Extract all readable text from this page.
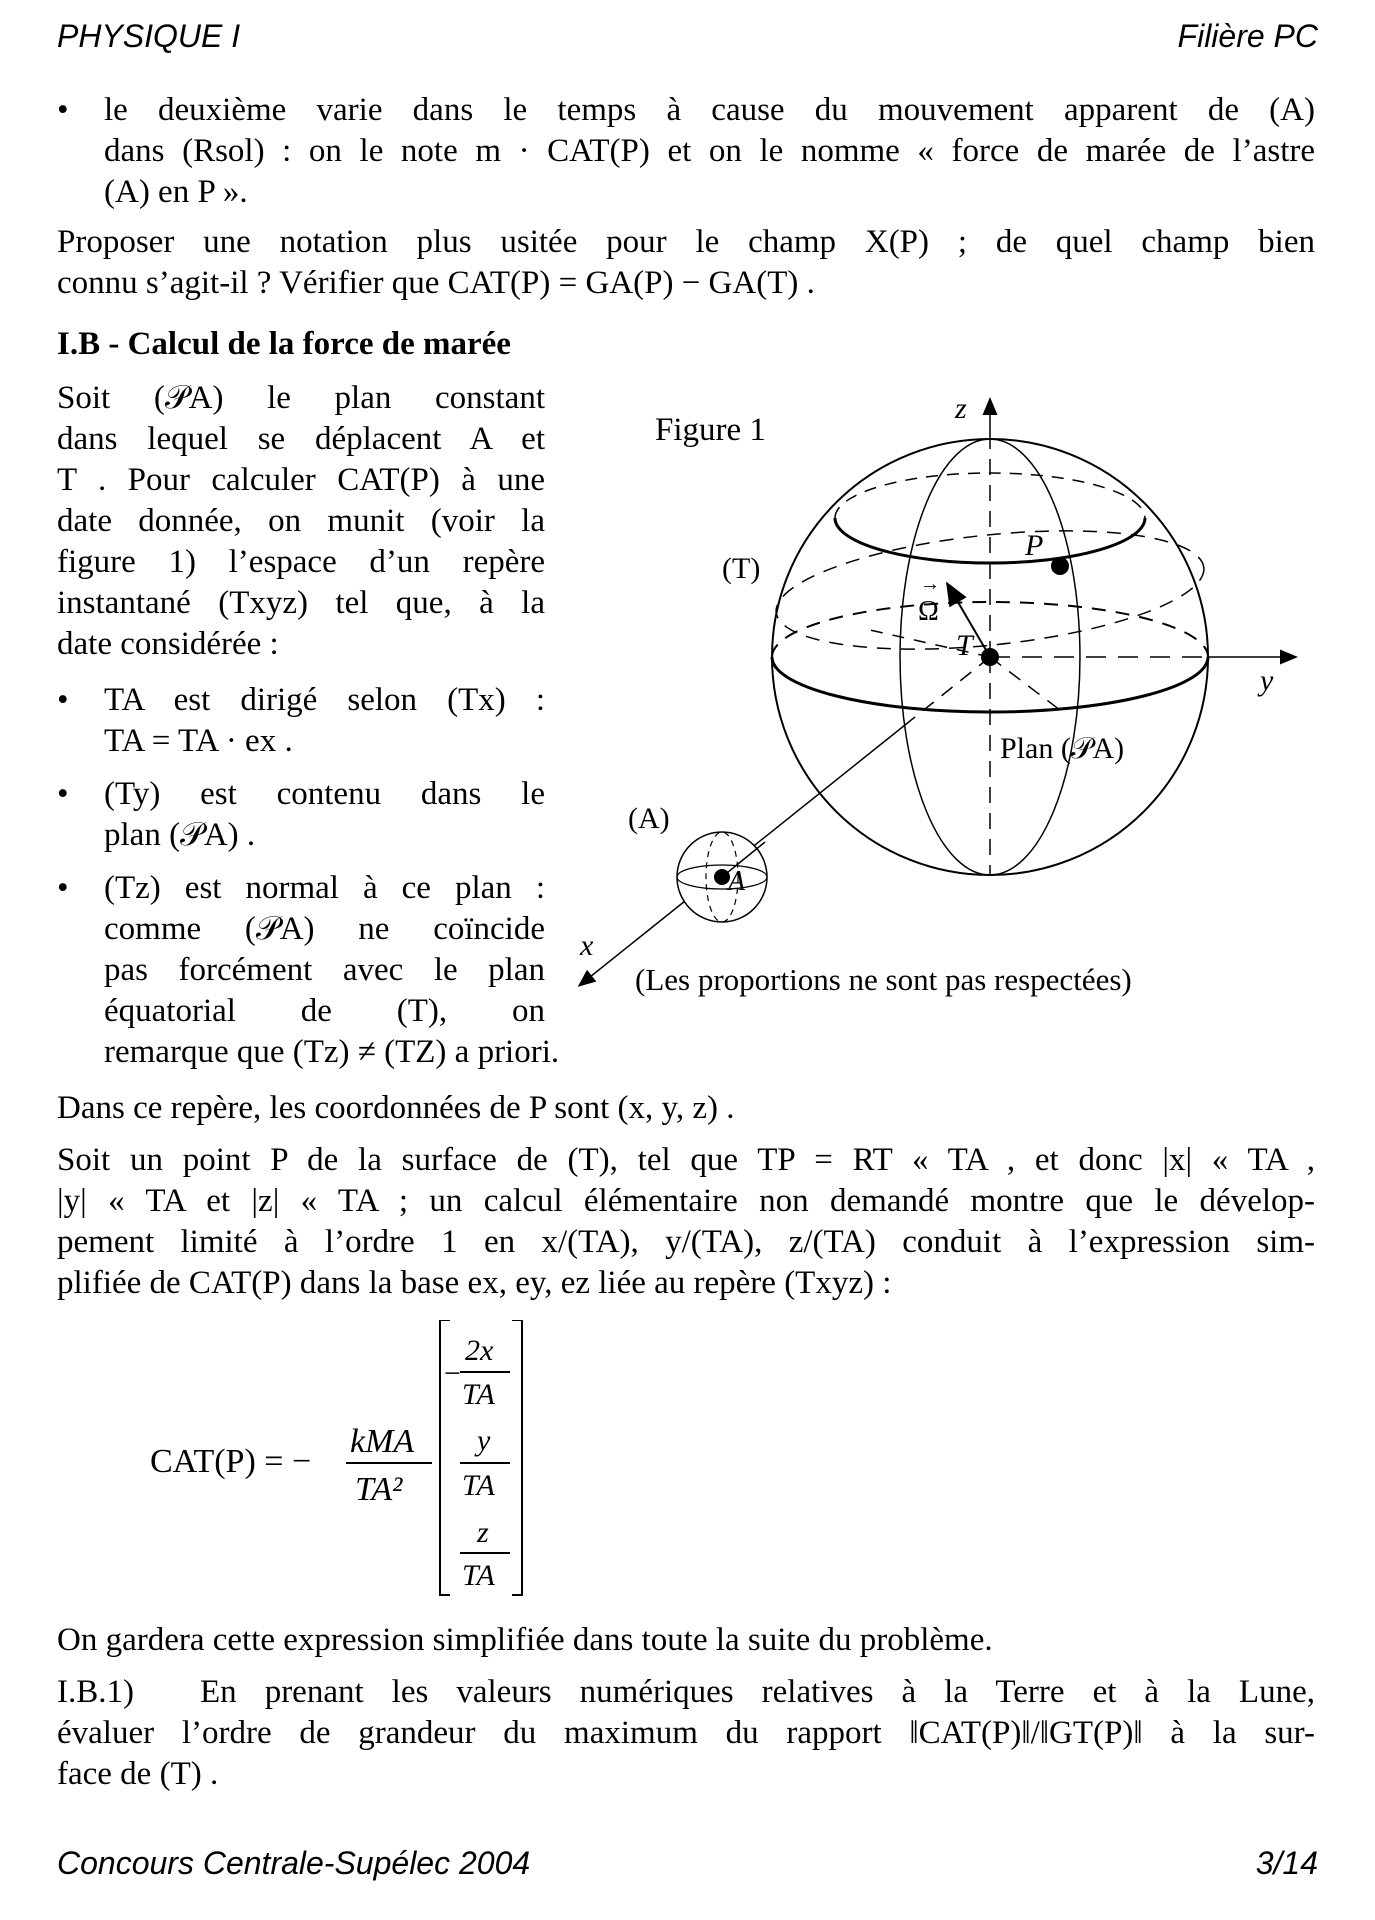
PHYSIQUE I	Filière PC
• le deuxième varie dans le temps à cause du mouvement apparent de (A)
dans (Rsol) : on le note m · CAT(P) et on le nomme « force de marée de l’astre
(A) en P ».
Proposer une notation plus usitée pour le champ X(P) ; de quel champ bien
connu s’agit-il ? Vérifier que CAT(P) = GA(P) − GA(T) .
I.B - Calcul de la force de marée
Soit (𝒫A) le plan constant
dans lequel se déplacent A et
T . Pour calculer CAT(P) à une
date donnée, on munit (voir la
figure 1) l’espace d’un repère
instantané (Txyz) tel que, à la
date considérée :
• TA est dirigé selon (Tx) :
TA = TA · ex .
• (Ty) est contenu dans le
plan (𝒫A) .
• (Tz) est normal à ce plan :
comme (𝒫A) ne coïncide
pas forcément avec le plan
équatorial de (T), on
remarque que (Tz) ≠ (TZ) a priori.
Figure 1
z
y
x
Ω
→
T
P
(T)
Plan (𝒫A)
A
(A)
(Les proportions ne sont pas respectées)
Dans ce repère, les coordonnées de P sont (x, y, z) .
Soit un point P de la surface de (T), tel que TP = RT « TA , et donc |x| « TA ,
|y| « TA et |z| « TA ; un calcul élémentaire non demandé montre que le dévelop-
pement limité à l’ordre 1 en x/(TA), y/(TA), z/(TA) conduit à l’expression sim-
plifiée de CAT(P) dans la base ex, ey, ez liée au repère (Txyz) :
CAT(P) = −
kMA
TA²
−
2x
TA
y
TA
z
TA
On gardera cette expression simplifiée dans toute la suite du problème.
I.B.1) En prenant les valeurs numériques relatives à la Terre et à la Lune,
évaluer l’ordre de grandeur du maximum du rapport ‖CAT(P)‖/‖GT(P)‖ à la sur-
face de (T) .
Concours Centrale-Supélec 2004	3/14
